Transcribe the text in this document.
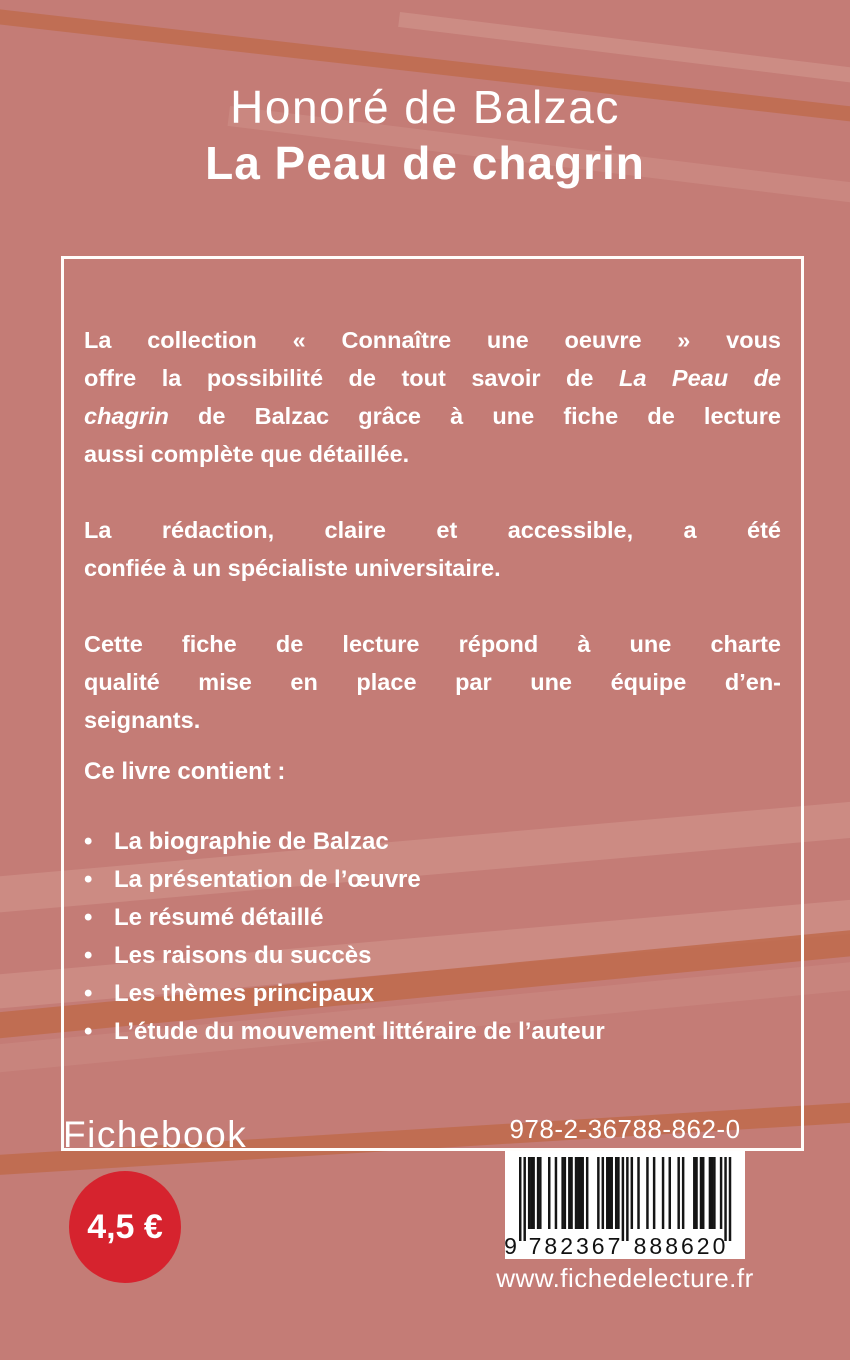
Honoré de Balzac
La Peau de chagrin
La collection « Connaître une oeuvre » vous
offre la possibilité de tout savoir de La Peau de
chagrin de Balzac grâce à une fiche de lecture
aussi complète que détaillée.
La rédaction, claire et accessible, a été
confiée à un spécialiste universitaire.
Cette fiche de lecture répond à une charte
qualité mise en place par une équipe d’en-
seignants.
Ce livre contient :
• La biographie de Balzac
• La présentation de l’œuvre
• Le résumé détaillé
• Les raisons du succès
• Les thèmes principaux
• L’étude du mouvement littéraire de l’auteur
Fichebook
4,5 €
978-2-36788-862-0
9 782367 888620
www.fichedelecture.fr
